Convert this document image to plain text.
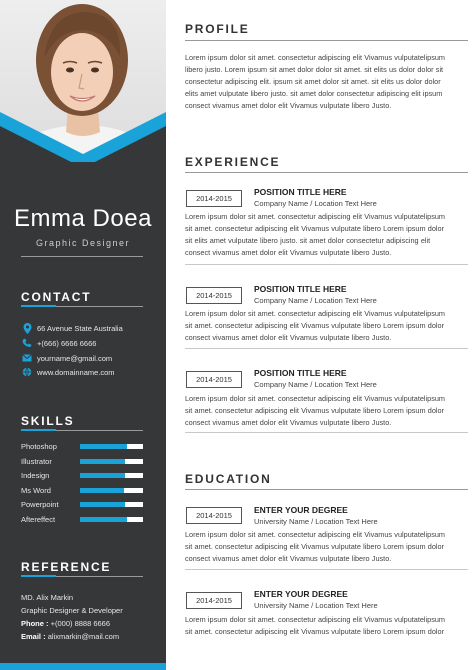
Emma Doea
Graphic Designer
CONTACT
66 Avenue State Australia
+(666) 6666 6666
yourname@gmail.com
www.domainname.com
SKILLS
Photoshop
Illustrator
Indesign
Ms Word
Powerpoint
Aftereffect
REFERENCE
MD. Alix Markin
Graphic Designer & Developer
Phone : +(000) 8888 6666
Email : alixmarkin@mail.com
PROFILE
Lorem ipsum dolor sit amet. consectetur adipiscing elit Vivamus vulputatelipsum
libero justo. Lorem ipsum sit amet dolor dolor sit amet. sit elits us dolor dolor sit
consectetur adipiscing elit. ipsum sit amet dolor sit amet. sit elits us dolor dolor
elits amet vulputate libero justo. sit amet dolor consectetur adipiscing elit ipsum
consect vivamus amet dolor elit Vivamus vulputate libero Justo.
EXPERIENCE
2014-2015
POSITION TITLE HERE
Company Name / Location Text Here
Lorem ipsum dolor sit amet. consectetur adipiscing elit Vivamus vulputatelipsum
sit amet. consectetur adipiscing elit Vivamus vulputate libero Lorem ipsum dolor
sit elits amet vulputate libero justo. sit amet dolor consectetur adipiscing elit
consect vivamus amet dolor elit Vivamus vulputate libero Justo.
2014-2015
POSITION TITLE HERE
Company Name / Location Text Here
Lorem ipsum dolor sit amet. consectetur adipiscing elit Vivamus vulputatelipsum
sit amet. consectetur adipiscing elit Vivamus vulputate libero Lorem ipsum dolor
consect vivamus amet dolor elit Vivamus vulputate libero Justo.
2014-2015
POSITION TITLE HERE
Company Name / Location Text Here
Lorem ipsum dolor sit amet. consectetur adipiscing elit Vivamus vulputatelipsum
sit amet. consectetur adipiscing elit Vivamus vulputate libero Lorem ipsum dolor
consect vivamus amet dolor elit Vivamus vulputate libero Justo.
EDUCATION
2014-2015
ENTER YOUR DEGREE
University Name / Location Text Here
Lorem ipsum dolor sit amet. consectetur adipiscing elit Vivamus vulputatelipsum
sit amet. consectetur adipiscing elit Vivamus vulputate libero Lorem ipsum dolor
consect vivamus amet dolor elit Vivamus vulputate libero Justo.
2014-2015
ENTER YOUR DEGREE
University Name / Location Text Here
Lorem ipsum dolor sit amet. consectetur adipiscing elit Vivamus vulputatelipsum
sit amet. consectetur adipiscing elit Vivamus vulputate libero Lorem ipsum dolor
